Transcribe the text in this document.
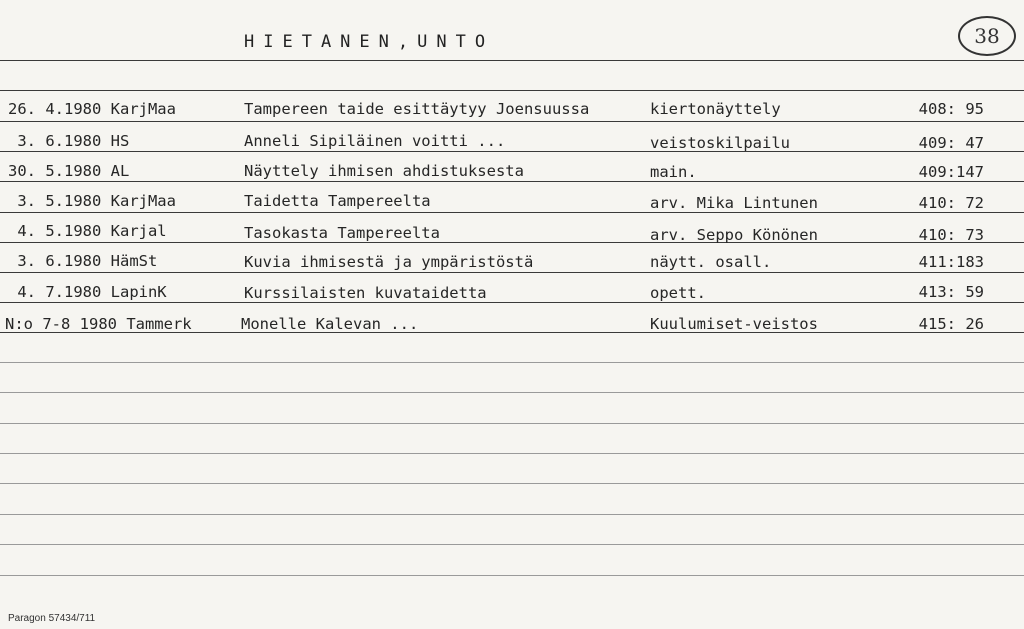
HIETANEN,UNTO	38
26. 4.1980 KarjMaa	Tampereen taide esittäytyy Joensuussa	kiertonäyttely	408: 95
3. 6.1980 HS	Anneli Sipiläinen voitti ...	veistoskilpailu	409: 47
30. 5.1980 AL	Näyttely ihmisen ahdistuksesta	main.	409:147
3. 5.1980 KarjMaa	Taidetta Tampereelta	arv. Mika Lintunen	410: 72
4. 5.1980 Karjal	Tasokasta Tampereelta	arv. Seppo Könönen	410: 73
3. 6.1980 HämSt	Kuvia ihmisestä ja ympäristöstä	näytt. osall.	411:183
4. 7.1980 LapinK	Kurssilaisten kuvataidetta	opett.	413: 59
N:o 7-8 1980 Tammerk	Monelle Kalevan ...	Kuulumiset-veistos	415: 26
Paragon 57434/711
